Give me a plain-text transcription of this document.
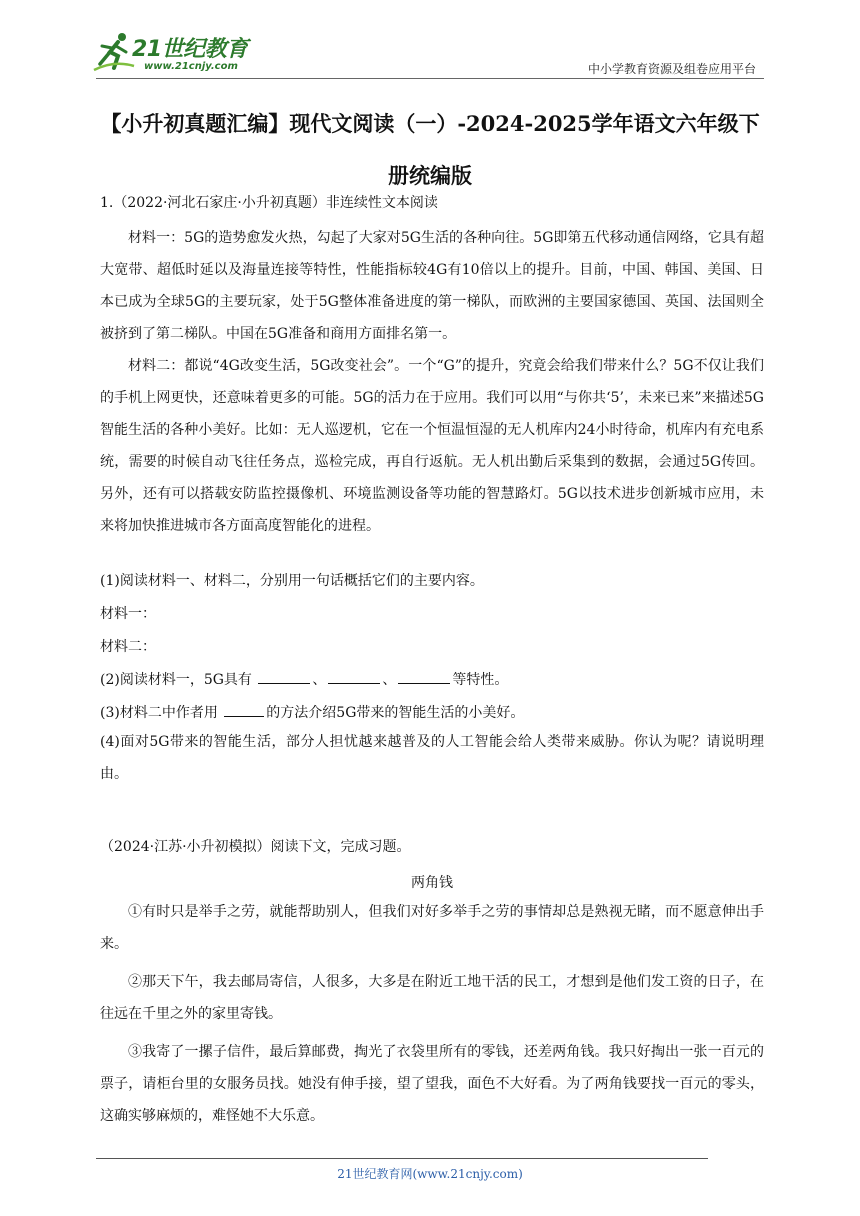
21世纪教育
www.21cnjy.com	中小学教育资源及组卷应用平台
【小升初真题汇编】现代文阅读（一）-2024-2025学年语文六年级下册统编版
1.（2022·河北石家庄·小升初真题）非连续性文本阅读
材料一：5G的造势愈发火热，勾起了大家对5G生活的各种向往。5G即第五代移动通信网络，它具有超大宽带、超低时延以及海量连接等特性，性能指标较4G有10倍以上的提升。目前，中国、韩国、美国、日本已成为全球5G的主要玩家，处于5G整体准备进度的第一梯队，而欧洲的主要国家德国、英国、法国则全被挤到了第二梯队。中国在5G准备和商用方面排名第一。
材料二：都说“4G改变生活，5G改变社会”。一个“G”的提升，究竟会给我们带来什么？5G不仅让我们的手机上网更快，还意味着更多的可能。5G的活力在于应用。我们可以用“与你共‘5’，未来已来”来描述5G智能生活的各种小美好。比如：无人巡逻机，它在一个恒温恒湿的无人机库内24小时待命，机库内有充电系统，需要的时候自动飞往任务点，巡检完成，再自行返航。无人机出勤后采集到的数据，会通过5G传回。另外，还有可以搭载安防监控摄像机、环境监测设备等功能的智慧路灯。5G以技术进步创新城市应用，未来将加快推进城市各方面高度智能化的进程。
(1)阅读材料一、材料二，分别用一句话概括它们的主要内容。
材料一：
材料二：
(2)阅读材料一，5G具有	、	、	等特性。
(3)材料二中作者用	的方法介绍5G带来的智能生活的小美好。
(4)面对5G带来的智能生活，部分人担忧越来越普及的人工智能会给人类带来威胁。你认为呢？请说明理由。
（2024·江苏·小升初模拟）阅读下文，完成习题。
两角钱
①有时只是举手之劳，就能帮助别人，但我们对好多举手之劳的事情却总是熟视无睹，而不愿意伸出手来。
②那天下午，我去邮局寄信，人很多，大多是在附近工地干活的民工，才想到是他们发工资的日子，在往远在千里之外的家里寄钱。
③我寄了一摞子信件，最后算邮费，掏光了衣袋里所有的零钱，还差两角钱。我只好掏出一张一百元的票子，请柜台里的女服务员找。她没有伸手接，望了望我，面色不大好看。为了两角钱要找一百元的零头，这确实够麻烦的，难怪她不大乐意。
21世纪教育网(www.21cnjy.com)
